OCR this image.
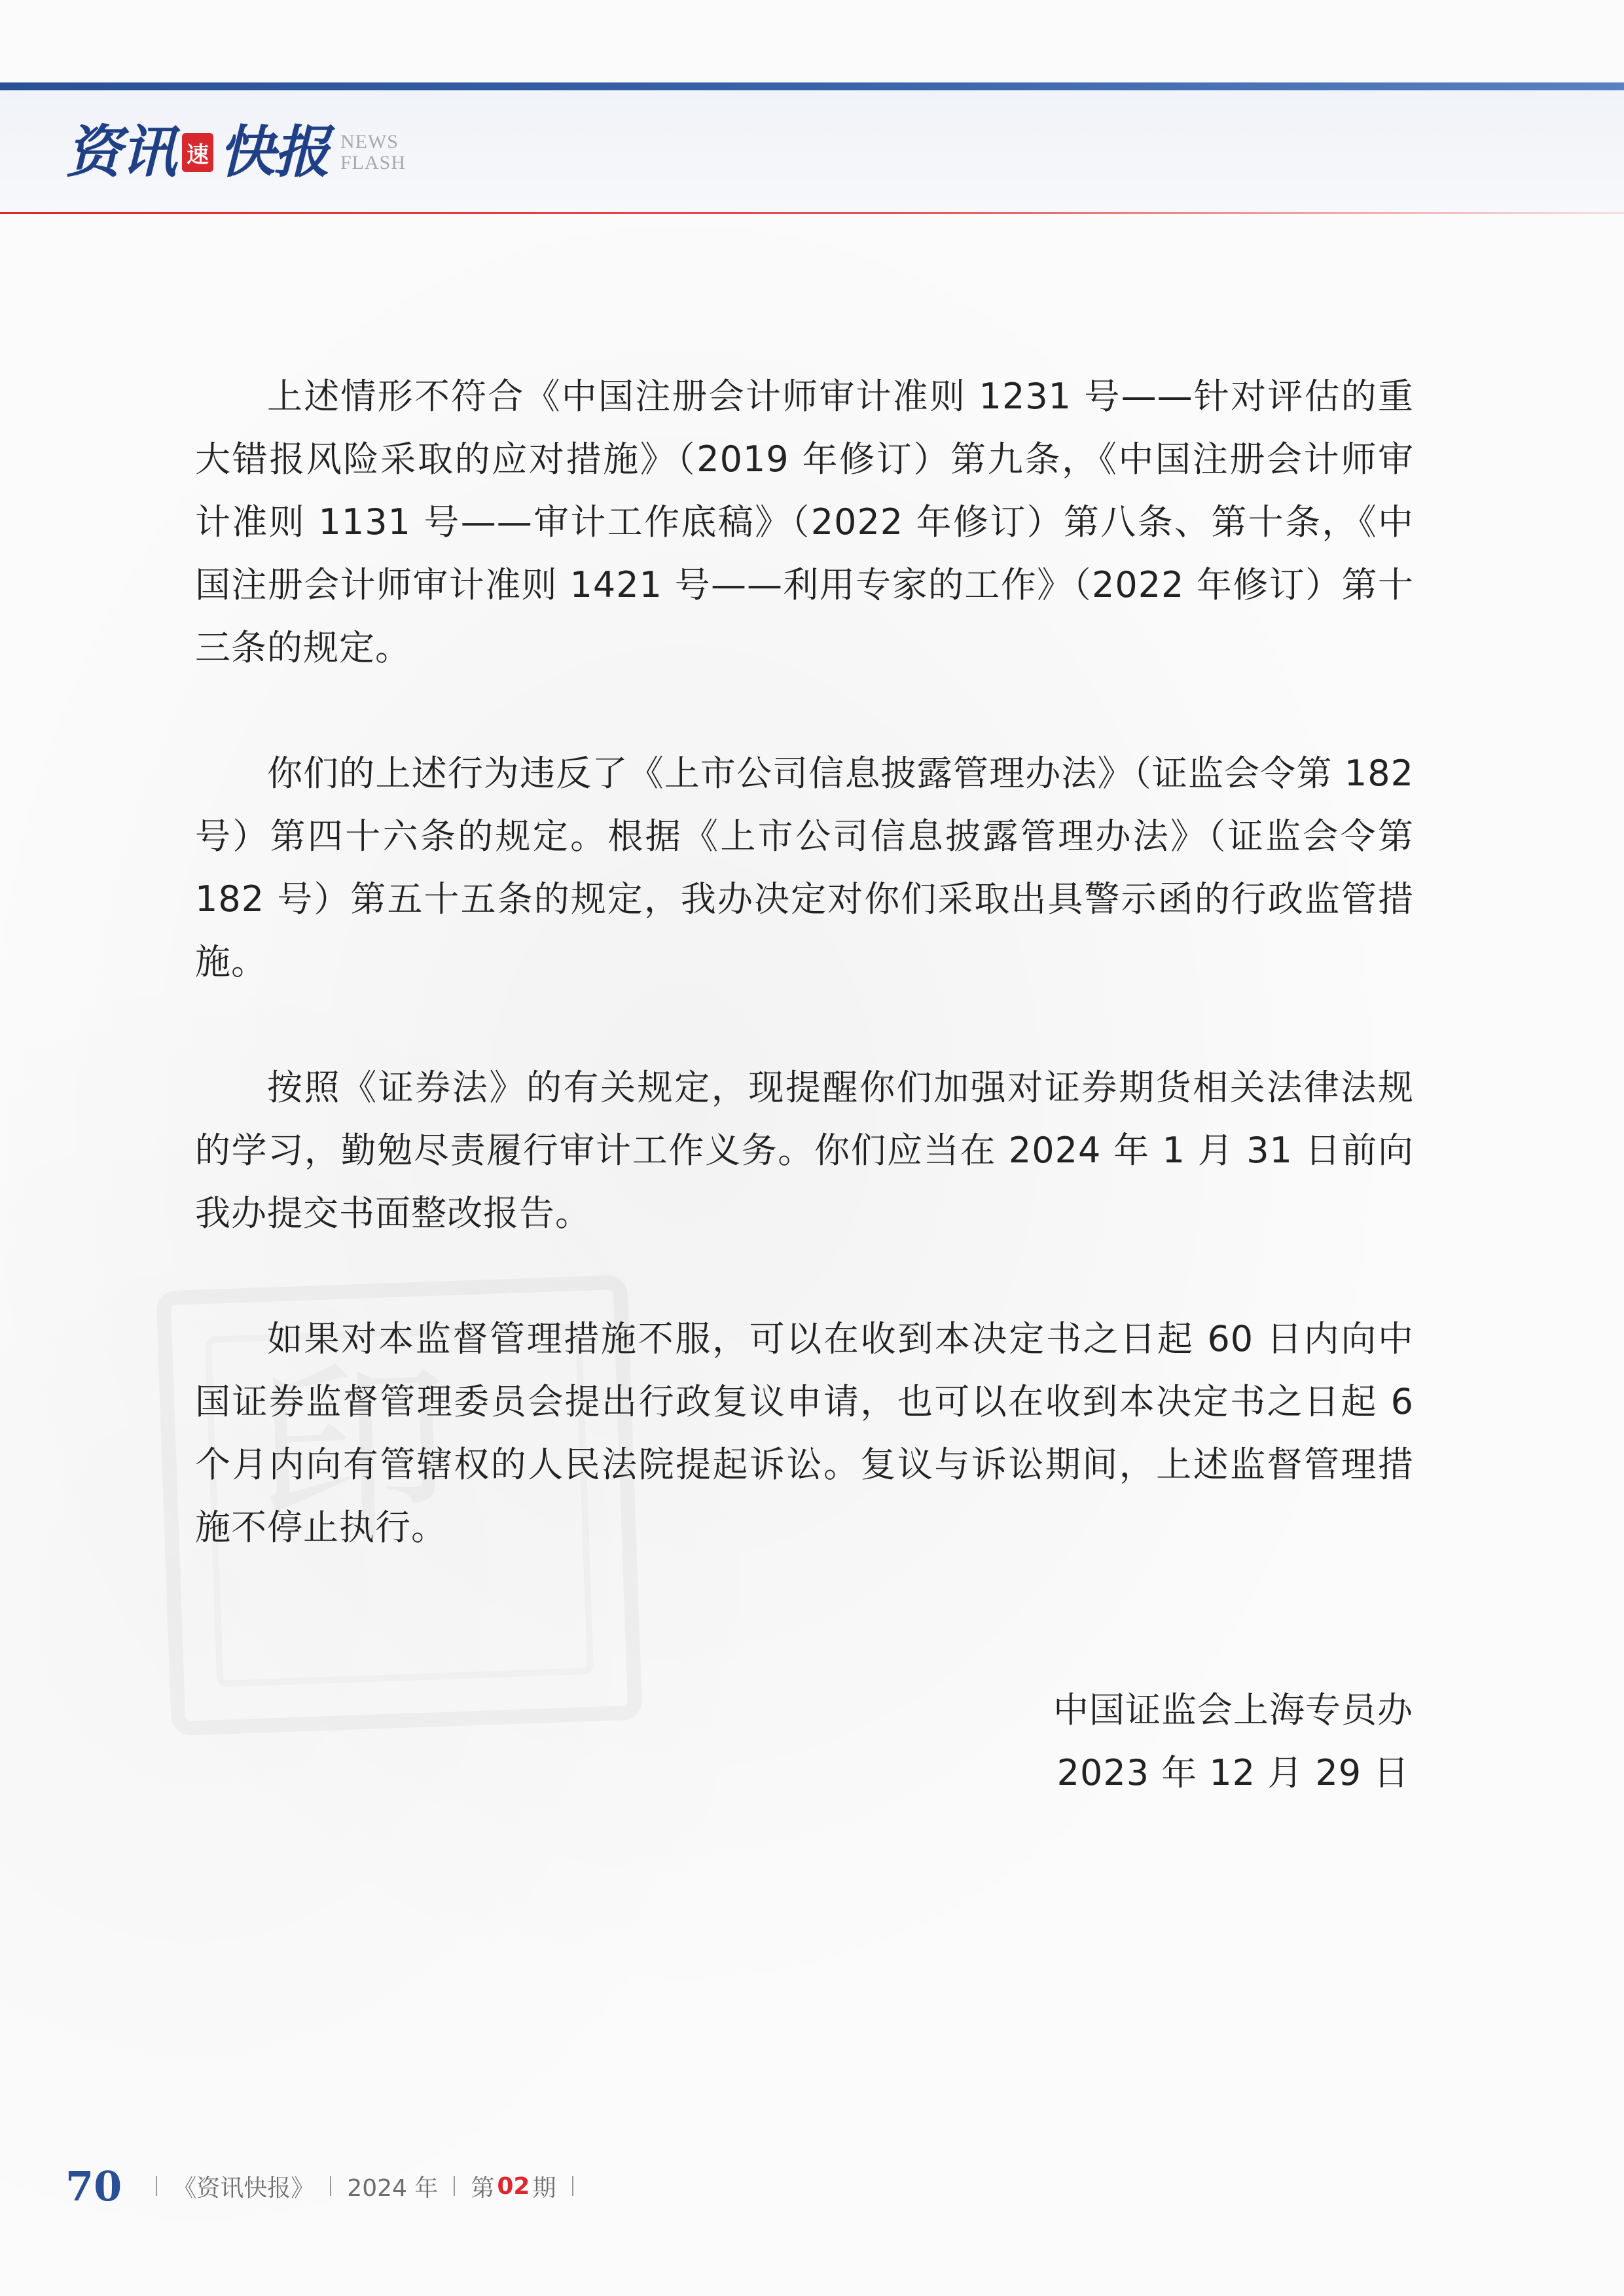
资讯 速 快报 NEWS
FLASH

上述情形不符合《中国注册会计师审计准则 1231 号——针对评估的重大错报风险采取的应对措施》（2019 年修订）第九条，《中国注册会计师审计准则 1131 号——审计工作底稿》（2022 年修订）第八条、第十条，《中国注册会计师审计准则 1421 号——利用专家的工作》（2022 年修订）第十三条的规定。

你们的上述行为违反了《上市公司信息披露管理办法》（证监会令第 182 号）第四十六条的规定。根据《上市公司信息披露管理办法》（证监会令第 182 号）第五十五条的规定，我办决定对你们采取出具警示函的行政监管措施。

按照《证券法》的有关规定，现提醒你们加强对证券期货相关法律法规的学习，勤勉尽责履行审计工作义务。你们应当在 2024 年 1 月 31 日前向我办提交书面整改报告。

如果对本监督管理措施不服，可以在收到本决定书之日起 60 日内向中国证券监督管理委员会提出行政复议申请，也可以在收到本决定书之日起 6 个月内向有管辖权的人民法院提起诉讼。复议与诉讼期间，上述监督管理措施不停止执行。

中国证监会上海专员办
2023 年 12 月 29 日
70 《资讯快报》 2024 年 第 02 期
